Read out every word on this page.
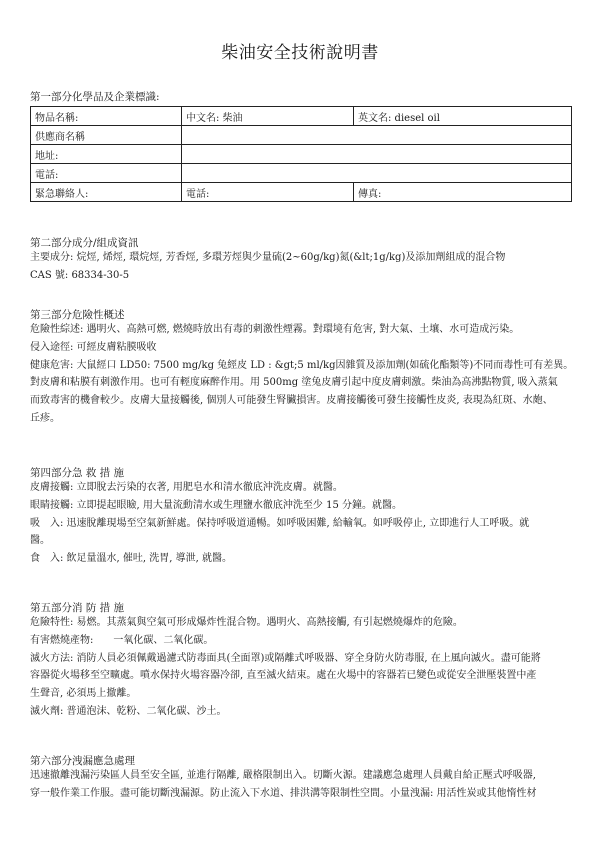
柴油安全技術說明書
第一部分化學品及企業標識:
物品名稱:	中文名: 柴油	英文名: diesel oil
供應商名稱		
地址:		
電話:		
緊急聯絡人:	電話:	傳真:
第二部分成分/組成資訊
主要成分: 烷烴, 烯烴, 環烷烴, 芳香烴, 多環芳烴與少量硫(2~60g/kg)氮(&lt;1g/kg)及添加劑組成的混合物
CAS 號: 68334-30-5
第三部分危險性概述
危險性綜述: 遇明火、高熱可燃, 燃燒時放出有毒的刺激性煙霧。對環境有危害, 對大氣、土壤、水可造成污染。
侵入途徑: 可經皮膚粘膜吸收
健康危害: 大鼠經口 LD50: 7500 mg/kg 兔經皮 LD : &gt;5 ml/kg因雜質及添加劑(如硫化酯類等)不同而毒性可有差異。
對皮膚和粘膜有刺激作用。也可有輕度麻醉作用。用 500mg 塗兔皮膚引起中度皮膚刺激。柴油為高沸點物質, 吸入蒸氣
而致毒害的機會較少。皮膚大量接觸後, 個別人可能發生腎臟損害。皮膚接觸後可發生接觸性皮炎, 表現為紅斑、水皰、
丘疹。
第四部分急 救 措 施
皮膚接觸: 立即脫去污染的衣著, 用肥皂水和清水徹底沖洗皮膚。就醫。
眼睛接觸: 立即提起眼瞼, 用大量流動清水或生理鹽水徹底沖洗至少 15 分鐘。就醫。
吸　入: 迅速脫離現場至空氣新鮮處。保持呼吸道通暢。如呼吸困難, 給輸氧。如呼吸停止, 立即進行人工呼吸。就
醫。
食　入: 飲足量溫水, 催吐, 洗胃, 導泄, 就醫。
第五部分消 防 措 施
危險特性: 易燃。其蒸氣與空氣可形成爆炸性混合物。遇明火、高熱接觸, 有引起燃燒爆炸的危險。
有害燃燒產物:　　一氧化碳、二氧化碳。
滅火方法: 消防人員必須佩戴過濾式防毒面具(全面罩)或隔離式呼吸器、穿全身防火防毒服, 在上風向滅火。盡可能將
容器從火場移至空曠處。噴水保持火場容器冷卻, 直至滅火結束。處在火場中的容器若已變色或從安全泄壓裝置中產
生聲音, 必須馬上撤離。
滅火劑: 普通泡沫、乾粉、二氧化碳、沙土。
第六部分洩漏應急處理
迅速撤離洩漏污染區人員至安全區, 並進行隔離, 嚴格限制出入。切斷火源。建議應急處理人員戴自給正壓式呼吸器,
穿一般作業工作服。盡可能切斷洩漏源。防止流入下水道、排洪溝等限制性空間。小量洩漏: 用活性炭或其他惰性材
